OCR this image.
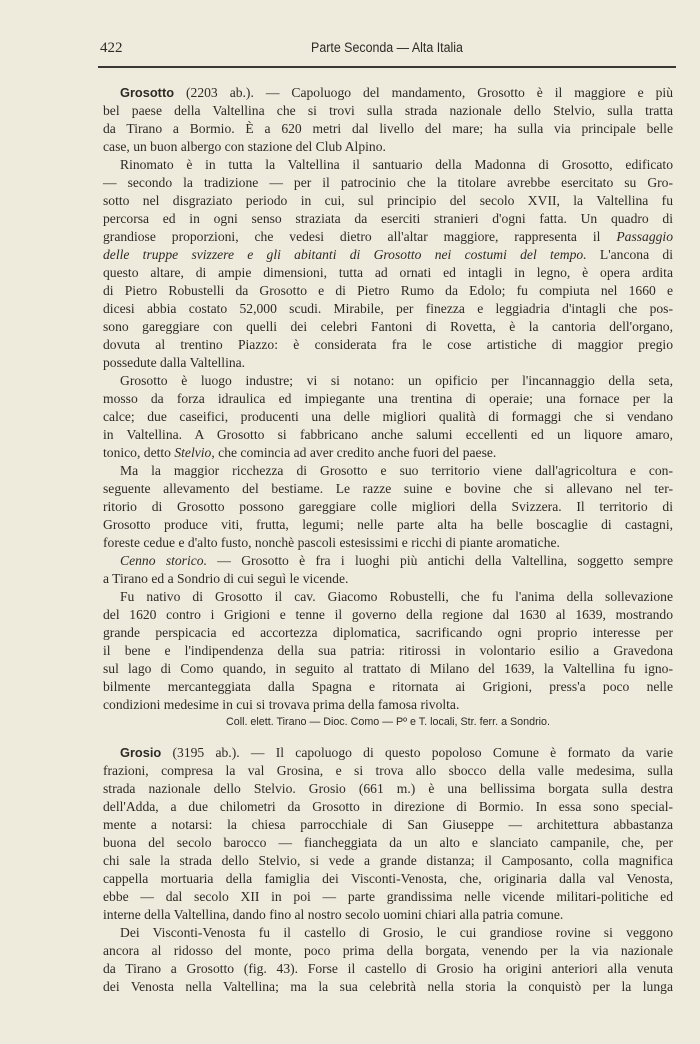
422	Parte Seconda — Alta Italia
Grosotto (2203 ab.). — Capoluogo del mandamento, Grosotto è il maggiore e più
bel paese della Valtellina che si trovi sulla strada nazionale dello Stelvio, sulla tratta
da Tirano a Bormio. È a 620 metri dal livello del mare; ha sulla via principale belle
case, un buon albergo con stazione del Club Alpino.
Rinomato è in tutta la Valtellina il santuario della Madonna di Grosotto, edificato
— secondo la tradizione — per il patrocinio che la titolare avrebbe esercitato su Gro-
sotto nel disgraziato periodo in cui, sul principio del secolo XVII, la Valtellina fu
percorsa ed in ogni senso straziata da eserciti stranieri d'ogni fatta. Un quadro di
grandiose proporzioni, che vedesi dietro all'altar maggiore, rappresenta il Passaggio
delle truppe svizzere e gli abitanti di Grosotto nei costumi del tempo. L'ancona di
questo altare, di ampie dimensioni, tutta ad ornati ed intagli in legno, è opera ardita
di Pietro Robustelli da Grosotto e di Pietro Rumo da Edolo; fu compiuta nel 1660 e
dicesi abbia costato 52,000 scudi. Mirabile, per finezza e leggiadria d'intagli che pos-
sono gareggiare con quelli dei celebri Fantoni di Rovetta, è la cantoria dell'organo,
dovuta al trentino Piazzo: è considerata fra le cose artistiche di maggior pregio
possedute dalla Valtellina.
Grosotto è luogo industre; vi si notano: un opificio per l'incannaggio della seta,
mosso da forza idraulica ed impiegante una trentina di operaie; una fornace per la
calce; due caseifici, producenti una delle migliori qualità di formaggi che si vendano
in Valtellina. A Grosotto si fabbricano anche salumi eccellenti ed un liquore amaro,
tonico, detto Stelvio, che comincia ad aver credito anche fuori del paese.
Ma la maggior ricchezza di Grosotto e suo territorio viene dall'agricoltura e con-
seguente allevamento del bestiame. Le razze suine e bovine che si allevano nel ter-
ritorio di Grosotto possono gareggiare colle migliori della Svizzera. Il territorio di
Grosotto produce viti, frutta, legumi; nelle parte alta ha belle boscaglie di castagni,
foreste cedue e d'alto fusto, nonchè pascoli estesissimi e ricchi di piante aromatiche.
Cenno storico. — Grosotto è fra i luoghi più antichi della Valtellina, soggetto sempre
a Tirano ed a Sondrio di cui seguì le vicende.
Fu nativo di Grosotto il cav. Giacomo Robustelli, che fu l'anima della sollevazione
del 1620 contro i Grigioni e tenne il governo della regione dal 1630 al 1639, mostrando
grande perspicacia ed accortezza diplomatica, sacrificando ogni proprio interesse per
il bene e l'indipendenza della sua patria: ritirossi in volontario esilio a Gravedona
sul lago di Como quando, in seguito al trattato di Milano del 1639, la Valtellina fu igno-
bilmente mercanteggiata dalla Spagna e ritornata ai Grigioni, press'a poco nelle
condizioni medesime in cui si trovava prima della famosa rivolta.
Coll. elett. Tirano — Dioc. Como — Pº e T. locali, Str. ferr. a Sondrio.
Grosio (3195 ab.). — Il capoluogo di questo popoloso Comune è formato da varie
frazioni, compresa la val Grosina, e si trova allo sbocco della valle medesima, sulla
strada nazionale dello Stelvio. Grosio (661 m.) è una bellissima borgata sulla destra
dell'Adda, a due chilometri da Grosotto in direzione di Bormio. In essa sono special-
mente a notarsi: la chiesa parrocchiale di San Giuseppe — architettura abbastanza
buona del secolo barocco — fiancheggiata da un alto e slanciato campanile, che, per
chi sale la strada dello Stelvio, si vede a grande distanza; il Camposanto, colla magnifica
cappella mortuaria della famiglia dei Visconti-Venosta, che, originaria dalla val Venosta,
ebbe — dal secolo XII in poi — parte grandissima nelle vicende militari-politiche ed
interne della Valtellina, dando fino al nostro secolo uomini chiari alla patria comune.
Dei Visconti-Venosta fu il castello di Grosio, le cui grandiose rovine si veggono
ancora al ridosso del monte, poco prima della borgata, venendo per la via nazionale
da Tirano a Grosotto (fig. 43). Forse il castello di Grosio ha origini anteriori alla venuta
dei Venosta nella Valtellina; ma la sua celebrità nella storia la conquistò per la lunga
